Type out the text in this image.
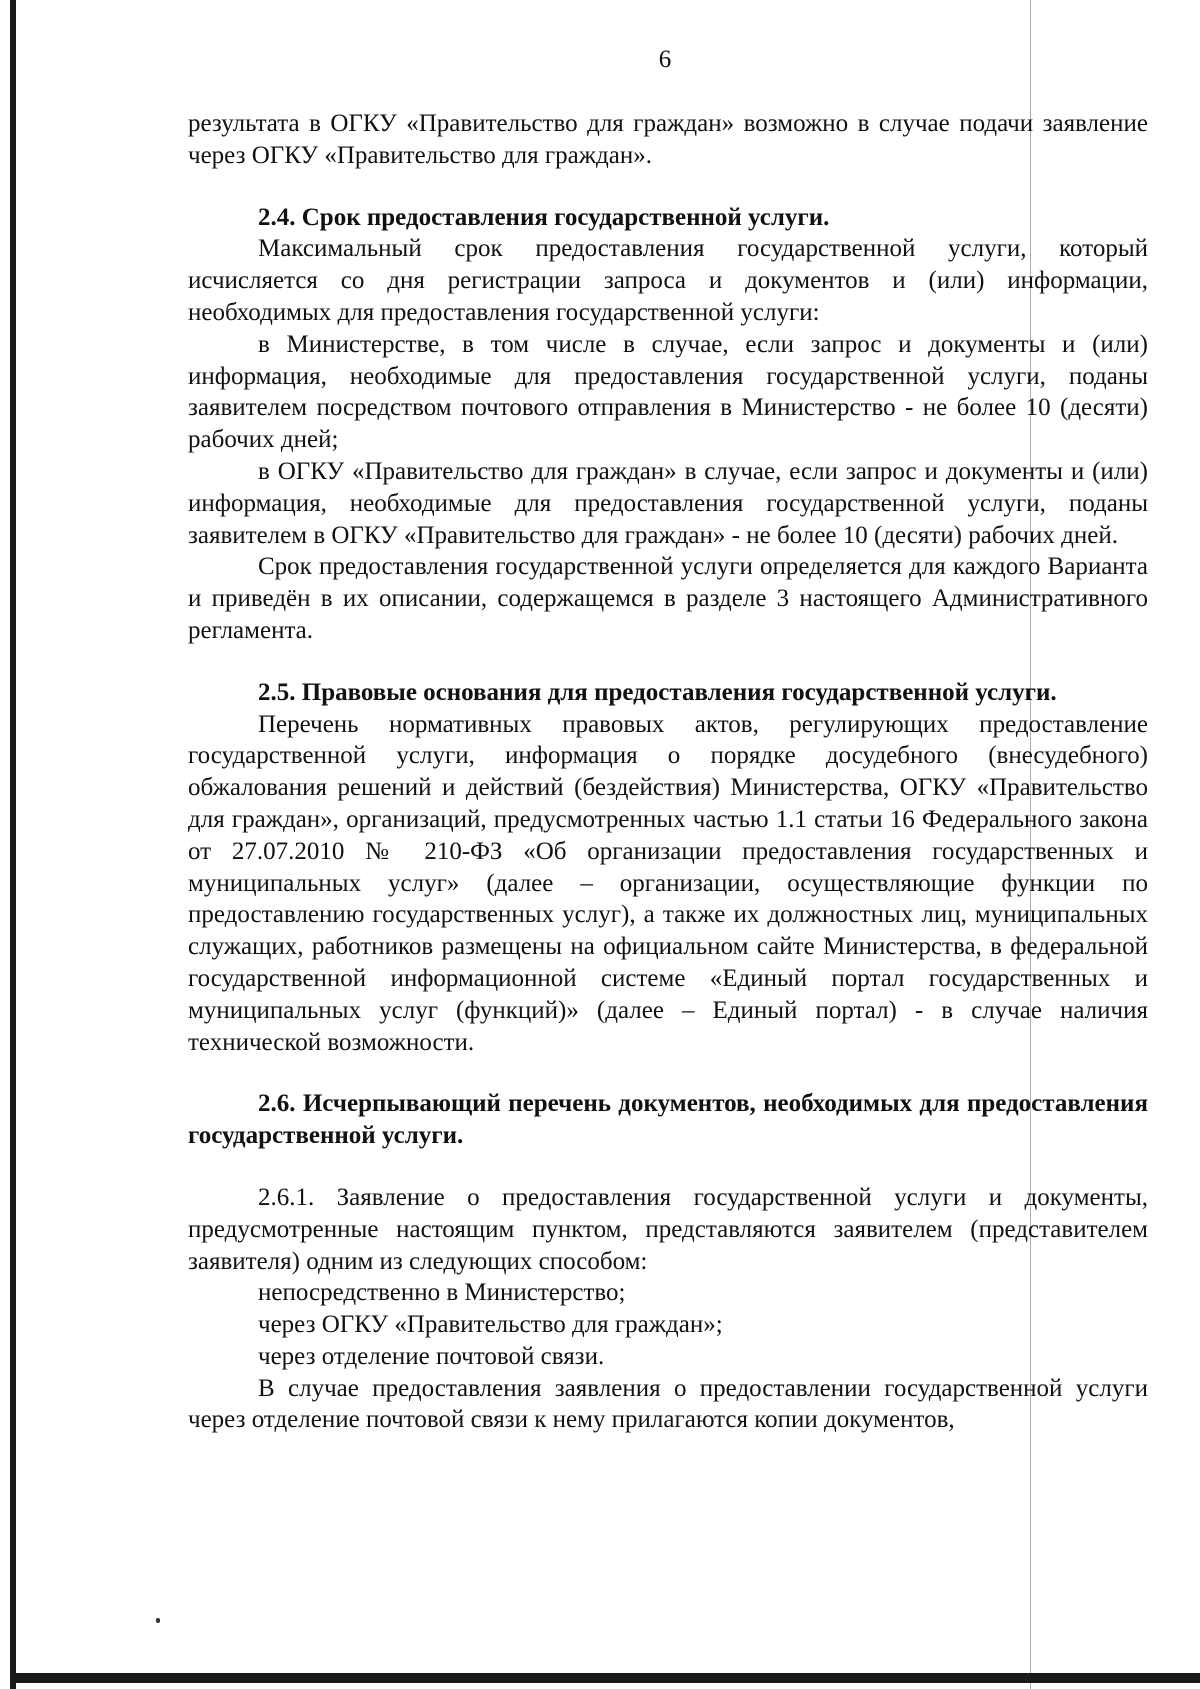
6

результата в ОГКУ «Правительство для граждан» возможно в случае подачи заявление через ОГКУ «Правительство для граждан».

2.4. Срок предоставления государственной услуги.

Максимальный срок предоставления государственной услуги, который исчисляется со дня регистрации запроса и документов и (или) информации, необходимых для предоставления государственной услуги:

в Министерстве, в том числе в случае, если запрос и документы и (или) информация, необходимые для предоставления государственной услуги, поданы заявителем посредством почтового отправления в Министерство - не более 10 (десяти) рабочих дней;

в ОГКУ «Правительство для граждан» в случае, если запрос и документы и (или) информация, необходимые для предоставления государственной услуги, поданы заявителем в ОГКУ «Правительство для граждан» - не более 10 (десяти) рабочих дней.

Срок предоставления государственной услуги определяется для каждого Варианта и приведён в их описании, содержащемся в разделе 3 настоящего Административного регламента.

2.5. Правовые основания для предоставления государственной услуги.

Перечень нормативных правовых актов, регулирующих предоставление государственной услуги, информация о порядке досудебного (внесудебного) обжалования решений и действий (бездействия) Министерства, ОГКУ «Правительство для граждан», организаций, предусмотренных частью 1.1 статьи 16 Федерального закона от 27.07.2010 № 210-ФЗ «Об организации предоставления государственных и муниципальных услуг» (далее – организации, осуществляющие функции по предоставлению государственных услуг), а также их должностных лиц, муниципальных служащих, работников размещены на официальном сайте Министерства, в федеральной государственной информационной системе «Единый портал государственных и муниципальных услуг (функций)» (далее – Единый портал) - в случае наличия технической возможности.

2.6. Исчерпывающий перечень документов, необходимых для предоставления государственной услуги.

2.6.1. Заявление о предоставления государственной услуги и документы, предусмотренные настоящим пунктом, представляются заявителем (представителем заявителя) одним из следующих способом:

непосредственно в Министерство;

через ОГКУ «Правительство для граждан»;

через отделение почтовой связи.

В случае предоставления заявления о предоставлении государственной услуги через отделение почтовой связи к нему прилагаются копии документов,
